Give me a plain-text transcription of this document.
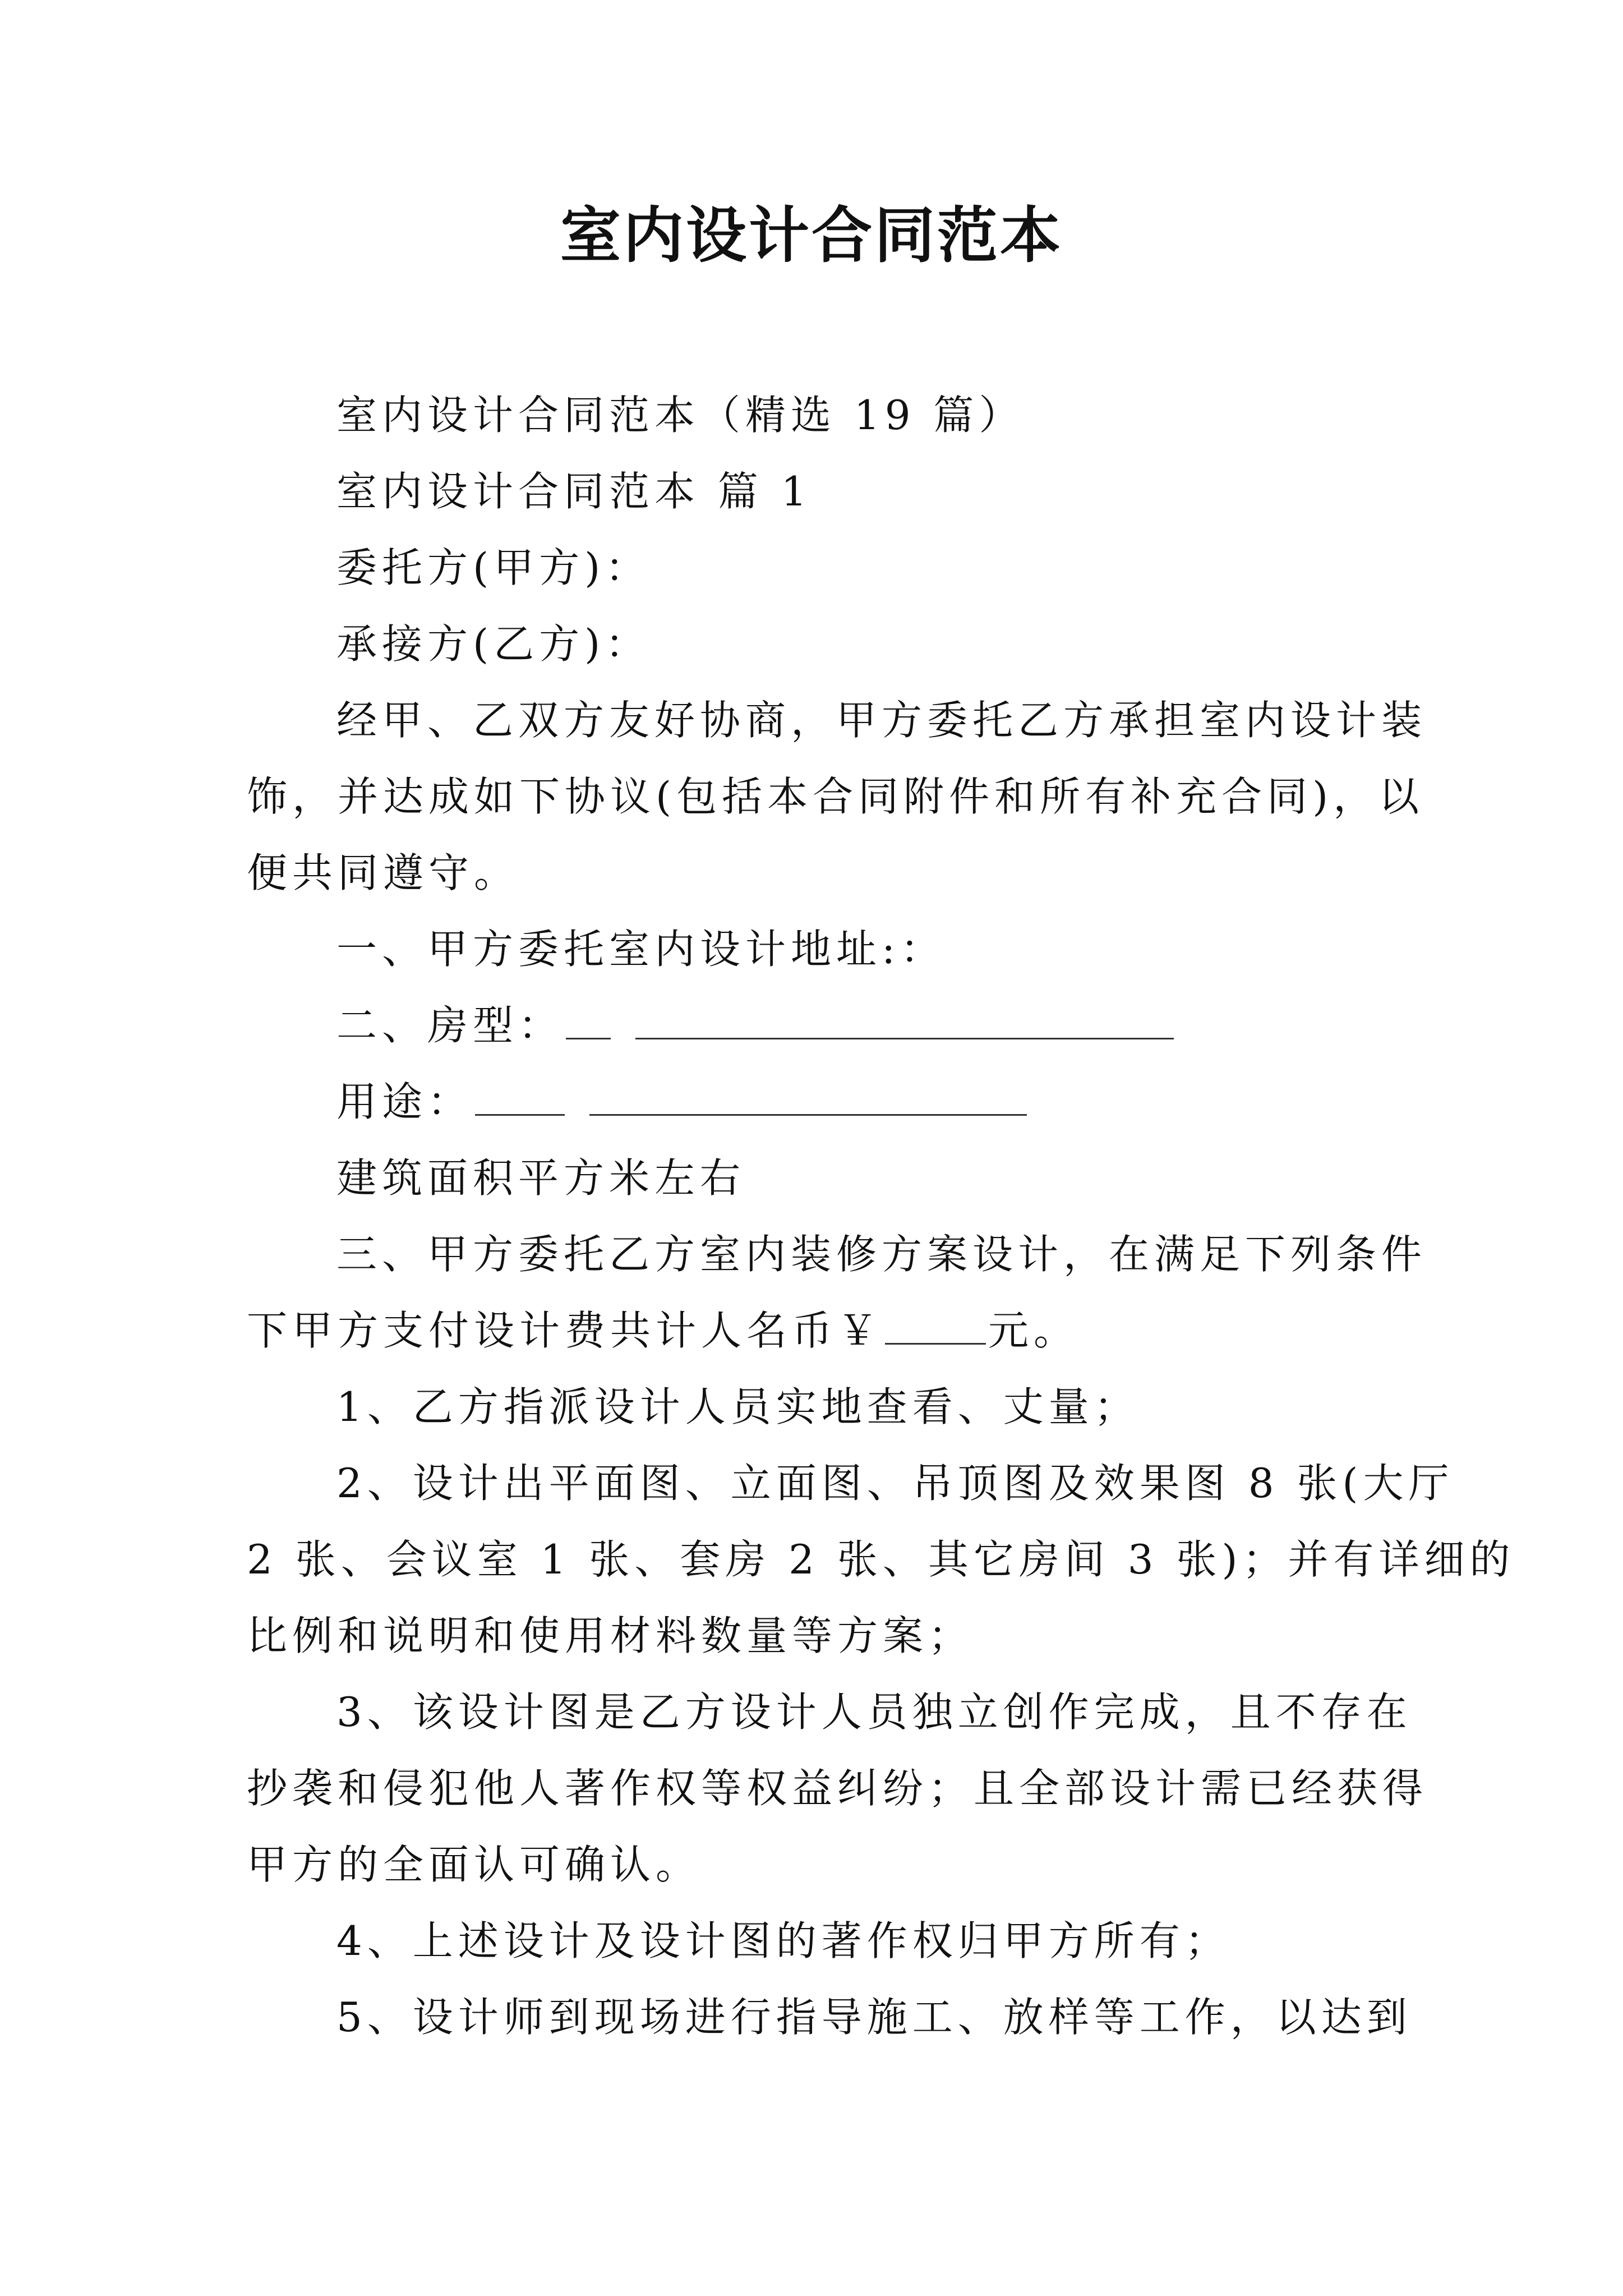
室内设计合同范本
室内设计合同范本（精选 19 篇）
室内设计合同范本 篇 1
委托方(甲方)：
承接方(乙方)：
经甲、乙双方友好协商，甲方委托乙方承担室内设计装
饰，并达成如下协议(包括本合同附件和所有补充合同)，以
便共同遵守。
一、甲方委托室内设计地址:：
二、房型：
用途：
建筑面积平方米左右
三、甲方委托乙方室内装修方案设计，在满足下列条件
下甲方支付设计费共计人名币￥	元。
1、乙方指派设计人员实地查看、丈量；
2、设计出平面图、立面图、吊顶图及效果图 8 张(大厅
2 张、会议室 1 张、套房 2 张、其它房间 3 张)；并有详细的
比例和说明和使用材料数量等方案；
3、该设计图是乙方设计人员独立创作完成，且不存在
抄袭和侵犯他人著作权等权益纠纷；且全部设计需已经获得
甲方的全面认可确认。
4、上述设计及设计图的著作权归甲方所有；
5、设计师到现场进行指导施工、放样等工作，以达到
